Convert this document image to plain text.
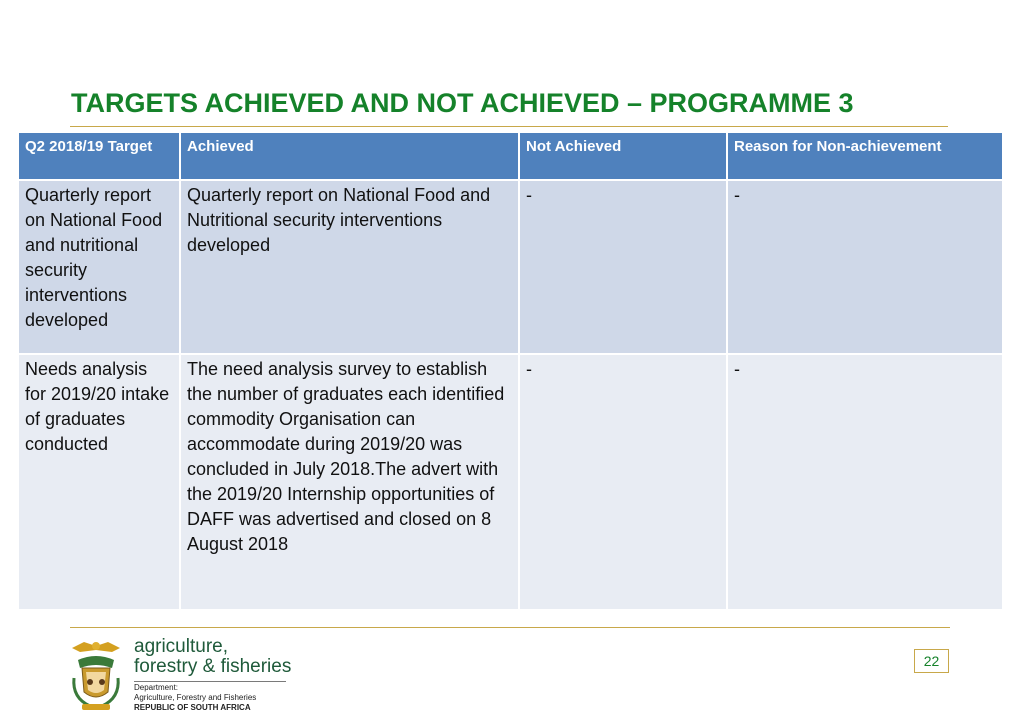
TARGETS ACHIEVED AND NOT ACHIEVED – PROGRAMME 3
Q2 2018/19 Target	Achieved	Not Achieved	Reason for Non-achievement
Quarterly report on National Food and nutritional security interventions developed	Quarterly report on National Food and Nutritional security interventions developed	-	-
Needs analysis for 2019/20 intake of graduates conducted	The need analysis survey to establish the number of graduates each identified commodity Organisation can accommodate during 2019/20 was concluded in July 2018.The advert with the 2019/20 Internship opportunities of DAFF was advertised and closed on 8 August 2018	-	-
agriculture,
forestry & fisheries
Department:
Agriculture, Forestry and Fisheries
REPUBLIC OF SOUTH AFRICA
22
